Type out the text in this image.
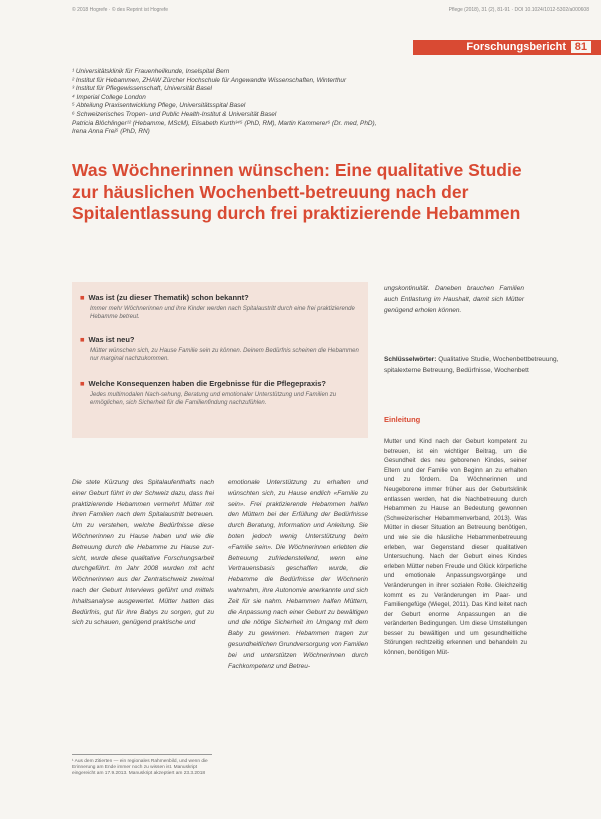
© 2018 Hogrefe · © des Reprint ist Hogrefe	Pflege (2018), 31 (2), 81-91 · DOI 10.1024/1012-5302/a000608
Forschungsbericht 81
¹ Universitätsklinik für Frauenheilkunde, Inselspital Bern
² Institut für Hebammen, ZHAW Zürcher Hochschule für Angewandte Wissenschaften, Winterthur
³ Institut für Pflegewissenschaft, Universität Basel
⁴ Imperial College London
⁵ Abteilung Praxisentwicklung Pflege, Universitätsspital Basel
⁶ Schweizerisches Tropen- und Public Health-Institut & Universität Basel
Patricia Blöchlinger¹² (Hebamme, MScM), Elisabeth Kurth³⁴⁵ (PhD, RM), Martin Kammerer⁶ (Dr. med, PhD),
Irena Anna Frei⁵ (PhD, RN)
Was Wöchnerinnen wünschen: Eine qualitative Studie zur häuslichen Wochenbett-betreuung nach der Spitalentlassung durch frei praktizierende Hebammen
■ Was ist (zu dieser Thematik) schon bekannt?
Immer mehr Wöchnerinnen und ihre Kinder werden nach Spitalaustritt durch eine frei praktizierende Hebamme betreut.
■ Was ist neu?
Mütter wünschen sich, zu Hause Familie sein zu können. Deinem Bedürfnis scheinen die Hebammen nur marginal nachzukommen.
■ Welche Konsequenzen haben die Ergebnisse für die Pflegepraxis?
Jedes multimodalen Nach-sehung, Beratung und emotionaler Unterstützung und Familien zu ermöglichen, sich Sicherheit für die Familienfindung nachzufühlen.
Die stete Kürzung des Spitalaufenthalts nach einer Geburt führt in der Schweiz dazu, dass frei praktizierende Hebammen vermehrt Mütter mit ihren Familien nach dem Spitalaustritt betreuen. Um zu verstehen, welche Bedürfnisse diese Wöchnerinnen zu Hause haben und wie die Betreuung durch die Hebamme zu Hause zur-sicht, wurde diese qualitative Forschungsarbeit durchgeführt. Im Jahr 2008 wurden mit acht Wöchnerinnen aus der Zentralschweiz zweimal nach der Geburt Interviews geführt und mittels Inhaltsanalyse ausgewertet. Mütter hatten das Bedürfnis, gut für ihre Babys zu sorgen, gut zu sich zu schauen, genügend praktische und
emotionale Unterstützung zu erhalten und wünschten sich, zu Hause endlich «Familie zu sein». Frei praktizierende Hebammen halfen den Müttern bei der Erfüllung der Bedürfnisse durch Beratung, Information und Anleitung. Sie boten jedoch wenig Unterstützung beim «Familie sein». Die Wöchnerinnen erlebten die Betreuung zufriedenstellend, wenn eine Vertrauensbasis geschaffen wurde, die Hebamme die Bedürfnisse der Wöchnerin wahrnahm, ihre Autonomie anerkannte und sich Zeit für sie nahm. Hebammen halfen Müttern, die Anpassung nach einer Geburt zu bewältigen und die nötige Sicherheit im Umgang mit dem Baby zu gewinnen. Hebammen tragen zur gesundheitlichen Grundversorgung von Familien bei und unterstützen Wöchnerinnen durch Fachkompetenz und Betreu-
ungskontinuität. Daneben brauchen Familien auch Entlastung im Haushalt, damit sich Mütter genügend erholen können.
Schlüsselwörter: Qualitative Studie, Wochenbettbetreuung, spitalexterne Betreuung, Bedürfnisse, Wochenbett
Einleitung
Mutter und Kind nach der Geburt kompetent zu betreuen, ist ein wichtiger Beitrag, um die Gesundheit des neu geborenen Kindes, seiner Eltern und der Familie von Beginn an zu erhalten und zu fördern. Da Wöchnerinnen und Neugeborene immer früher aus der Geburtsklinik entlassen werden, hat die Nachbetreuung durch Hebammen zu Hause an Bedeutung gewonnen (Schweizerischer Hebammenverband, 2013). Was Mütter in dieser Situation an Betreuung benötigen, und wie sie die häusliche Hebammenbetreuung erleben, war Gegenstand dieser qualitativen Untersuchung. Nach der Geburt eines Kindes erleben Mütter neben Freude und Glück körperliche und emotionale Anpassungsvorgänge und Veränderungen in ihrer sozialen Rolle. Gleichzeitig kommt es zu Veränderungen im Paar- und Familiengefüge (Wiegel, 2011). Das Kind leitet nach der Geburt enorme Anpassungen an die veränderten Bedingungen. Um diese Umstellungen besser zu bewältigen und um gesundheitliche Störungen rechtzeitig erkennen und behandeln zu können, benötigen Müt-
¹ Aus dem Zitierten — ein regionales Rahmenbild, und wenn die Erinnerung am Ende immer noch zu wissen ist. Manuskript eingereicht am 17.9.2013. Manuskript akzeptiert am 23.3.2018
